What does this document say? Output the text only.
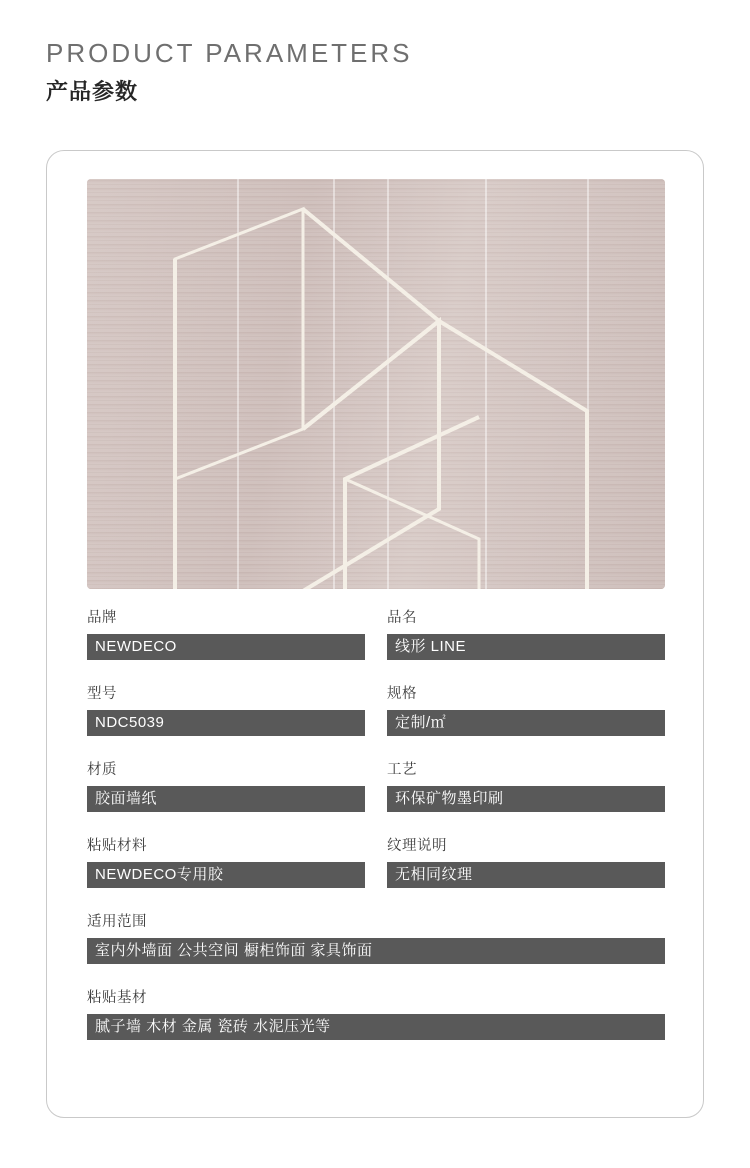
PRODUCT PARAMETERS
产品参数
品牌
NEWDECO
品名
线形 LINE
型号
NDC5039
规格
定制/㎡
材质
胶面墙纸
工艺
环保矿物墨印刷
粘贴材料
NEWDECO专用胶
纹理说明
无相同纹理
适用范围
室内外墙面 公共空间 橱柜饰面 家具饰面
粘贴基材
腻子墙 木材 金属 瓷砖 水泥压光等
